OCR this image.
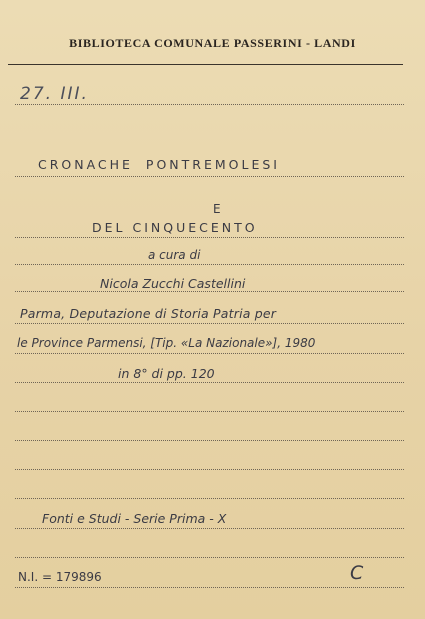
BIBLIOTECA COMUNALE PASSERINI - LANDI
27. III.
CRONACHE PONTREMOLESI
E
DEL CINQUECENTO
a cura di
Nicola Zucchi Castellini
Parma, Deputazione di Storia Patria per
le Province Parmensi, [Tip. «La Nazionale»], 1980
in 8° di pp. 120
Fonti e Studi - Serie Prima - X
N.I. = 179896	C
